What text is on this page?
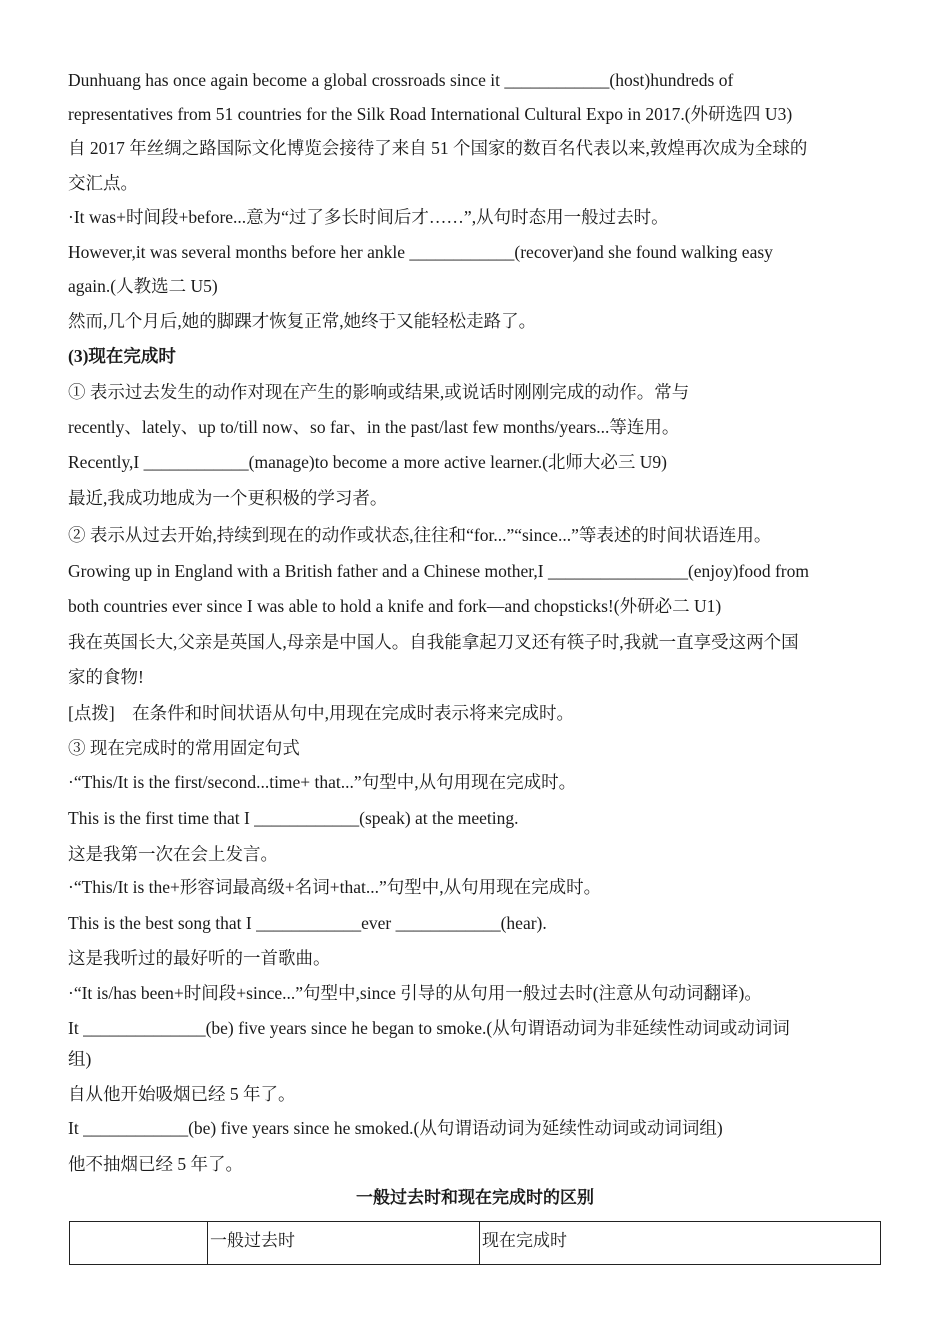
Dunhuang has once again become a global crossroads since it ____________(host)hundreds of
representatives from 51 countries for the Silk Road International Cultural Expo in 2017.(外研选四 U3)
自 2017 年丝绸之路国际文化博览会接待了来自 51 个国家的数百名代表以来,敦煌再次成为全球的
交汇点。
·It was+时间段+before...意为“过了多长时间后才……”,从句时态用一般过去时。
However,it was several months before her ankle ____________(recover)and she found walking easy
again.(人教选二 U5)
然而,几个月后,她的脚踝才恢复正常,她终于又能轻松走路了。
(3)现在完成时
① 表示过去发生的动作对现在产生的影响或结果,或说话时刚刚完成的动作。常与
recently、lately、up to/till now、so far、in the past/last few months/years...等连用。
Recently,I ____________(manage)to become a more active learner.(北师大必三 U9)
最近,我成功地成为一个更积极的学习者。
② 表示从过去开始,持续到现在的动作或状态,往往和“for...”“since...”等表述的时间状语连用。
Growing up in England with a British father and a Chinese mother,I ________________(enjoy)food from
both countries ever since I was able to hold a knife and fork—and chopsticks!(外研必二 U1)
我在英国长大,父亲是英国人,母亲是中国人。自我能拿起刀叉还有筷子时,我就一直享受这两个国
家的食物!
[点拨]　在条件和时间状语从句中,用现在完成时表示将来完成时。
③ 现在完成时的常用固定句式
·“This/It is the first/second...time+ that...”句型中,从句用现在完成时。
This is the first time that I ____________(speak) at the meeting.
这是我第一次在会上发言。
·“This/It is the+形容词最高级+名词+that...”句型中,从句用现在完成时。
This is the best song that I ____________ever ____________(hear).
这是我听过的最好听的一首歌曲。
·“It is/has been+时间段+since...”句型中,since 引导的从句用一般过去时(注意从句动词翻译)。
It ______________(be) five years since he began to smoke.(从句谓语动词为非延续性动词或动词词
组)
自从他开始吸烟已经 5 年了。
It ____________(be) five years since he smoked.(从句谓语动词为延续性动词或动词词组)
他不抽烟已经 5 年了。
一般过去时和现在完成时的区别
	一般过去时	现在完成时
